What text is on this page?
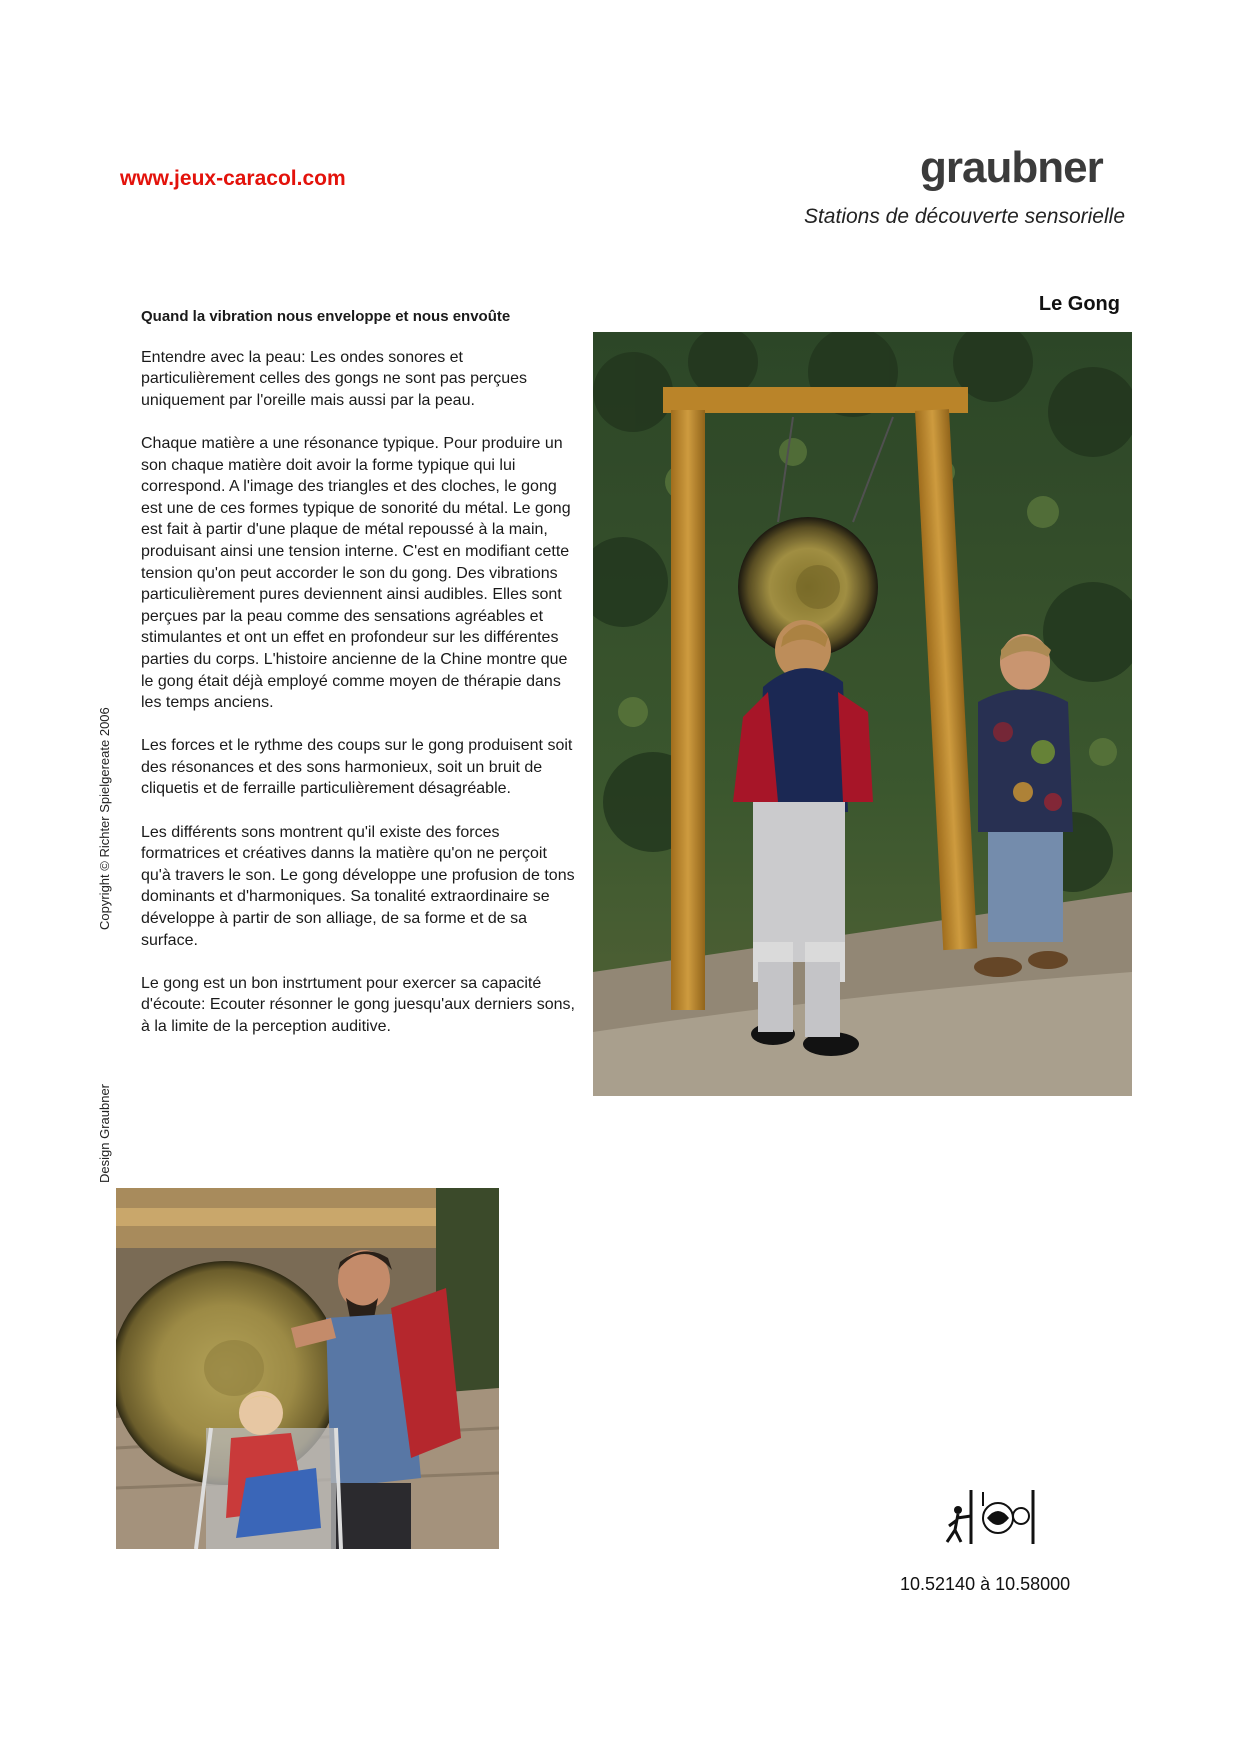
www.jeux-caracol.com	graubner
Stations de découverte sensorielle
Le Gong
Quand la vibration nous enveloppe et nous envoûte

Entendre avec la peau: Les ondes sonores et particulièrement celles des gongs ne sont pas perçues uniquement par l'oreille mais aussi par la peau.

Chaque matière a une résonance typique. Pour produire un son chaque matière doit avoir la forme typique qui lui correspond. A l'image des triangles et des cloches, le gong est une de ces formes typique de sonorité du métal. Le gong est fait à partir d'une plaque de métal repoussé à la main, produisant ainsi une tension interne. C'est en modifiant cette tension qu'on peut accorder le son du gong. Des vibrations particulièrement pures deviennent ainsi audibles. Elles sont perçues par la peau comme des sensations agréables et stimulantes et ont un effet en profondeur sur les différentes parties du corps. L'histoire ancienne de la Chine montre que le gong était déjà employé comme moyen de thérapie dans les temps anciens.

Les forces et le rythme des coups sur le gong produisent soit des résonances et des sons harmonieux, soit un bruit de cliquetis et de ferraille particulièrement désagréable.

Les différents sons montrent qu'il existe des forces formatrices et créatives danns la matière qu'on ne perçoit qu'à travers le son. Le gong développe une profusion de tons dominants et d'harmoniques. Sa tonalité extraordinaire se développe à partir de son alliage, de sa forme et de sa surface.

Le gong est un bon instrtument pour exercer sa capacité d'écoute: Ecouter résonner le gong juesqu'aux derniers sons, à la limite de la perception auditive.

Copyright © Richter Spielgereate 2006
Design Graubner
10.52140 à 10.58000
